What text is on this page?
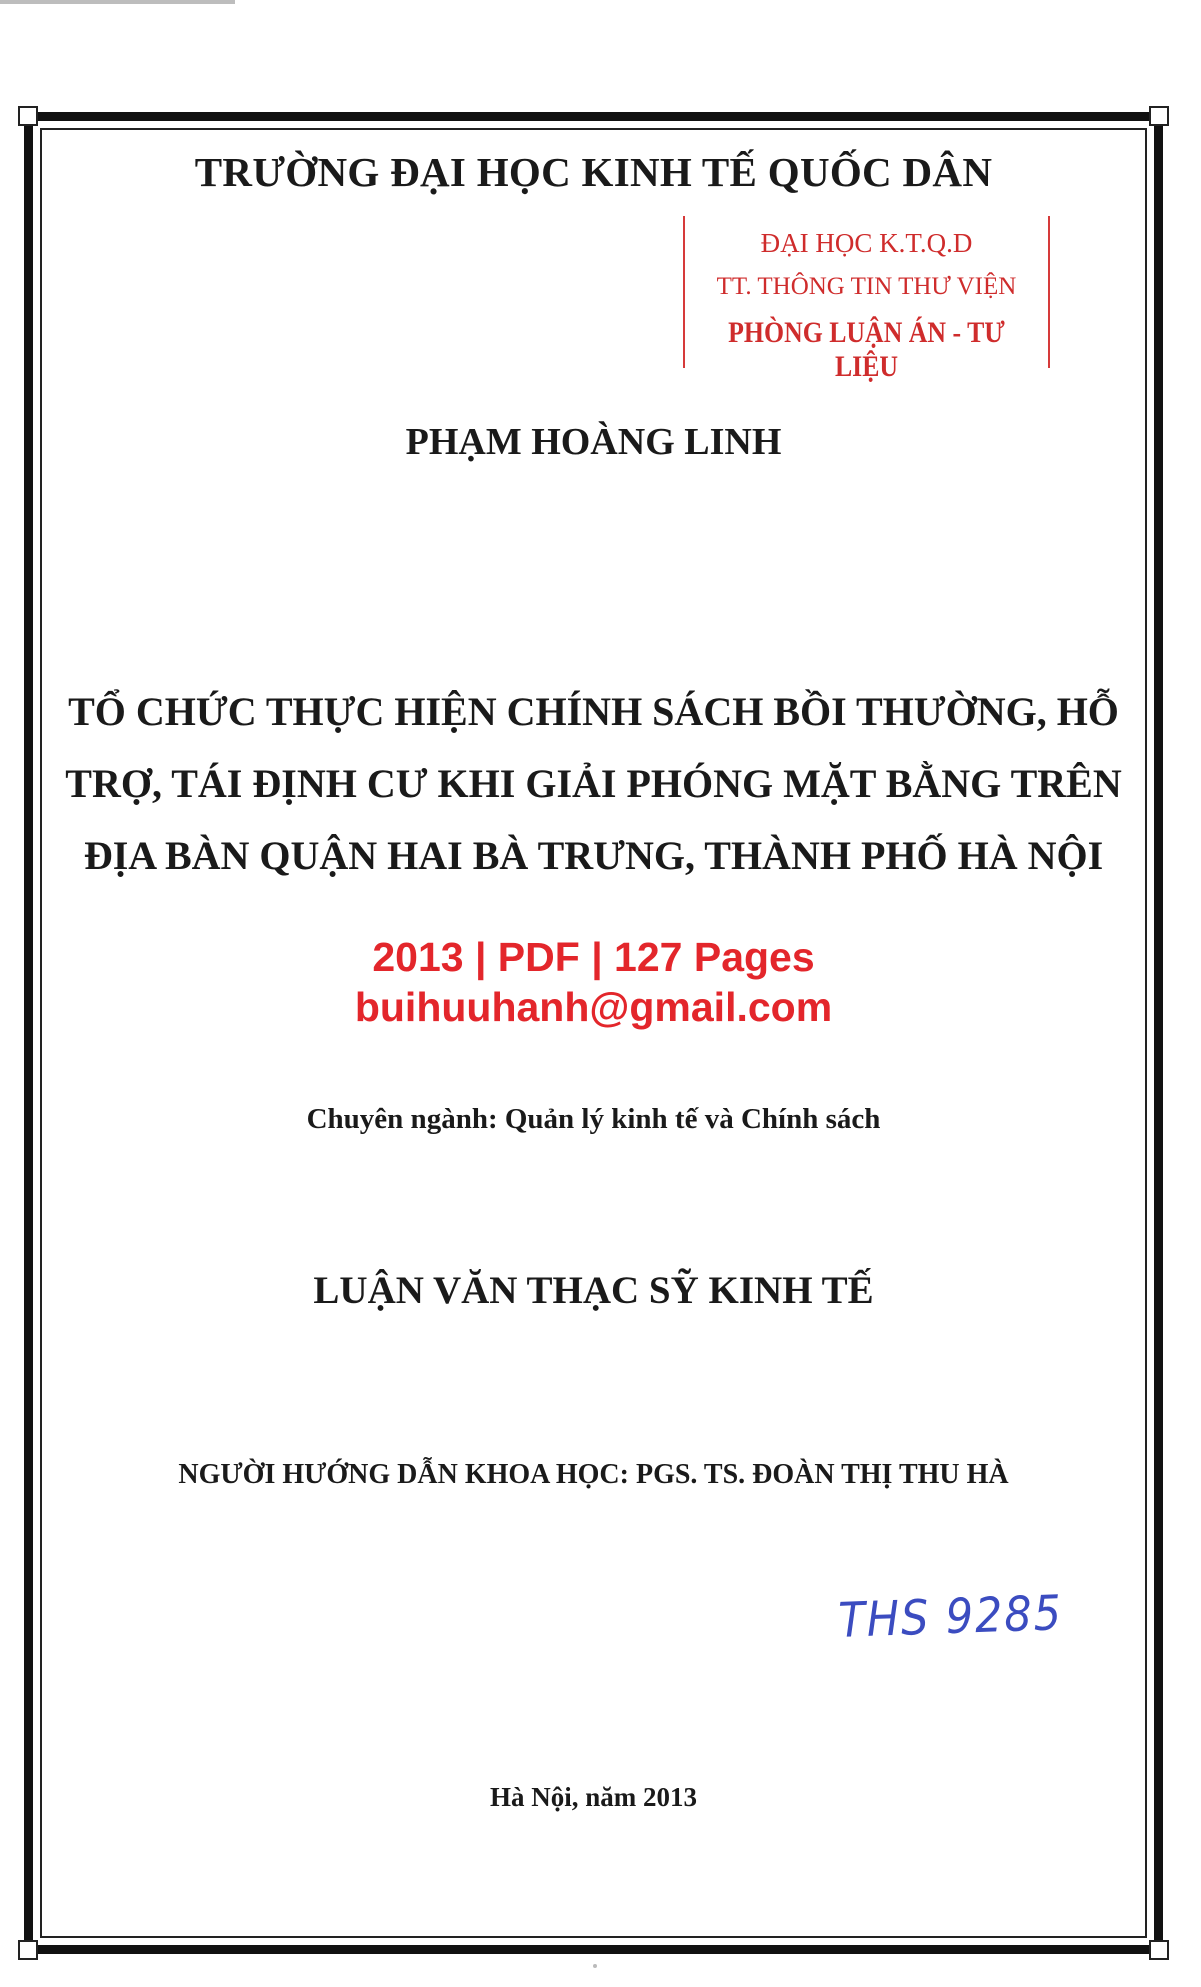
TRƯỜNG ĐẠI HỌC KINH TẾ QUỐC DÂN
ĐẠI HỌC K.T.Q.D
TT. THÔNG TIN THƯ VIỆN
PHÒNG LUẬN ÁN - TƯ LIỆU
PHẠM HOÀNG LINH
TỔ CHỨC THỰC HIỆN CHÍNH SÁCH BỒI THƯỜNG, HỖ
TRỢ, TÁI ĐỊNH CƯ KHI GIẢI PHÓNG MẶT BẰNG TRÊN
ĐỊA BÀN QUẬN HAI BÀ TRƯNG, THÀNH PHỐ HÀ NỘI
2013 | PDF | 127 Pages
buihuuhanh@gmail.com
Chuyên ngành: Quản lý kinh tế và Chính sách
LUẬN VĂN THẠC SỸ KINH TẾ
NGƯỜI HƯỚNG DẪN KHOA HỌC: PGS. TS. ĐOÀN THỊ THU HÀ
THS 9285
Hà Nội, năm 2013
